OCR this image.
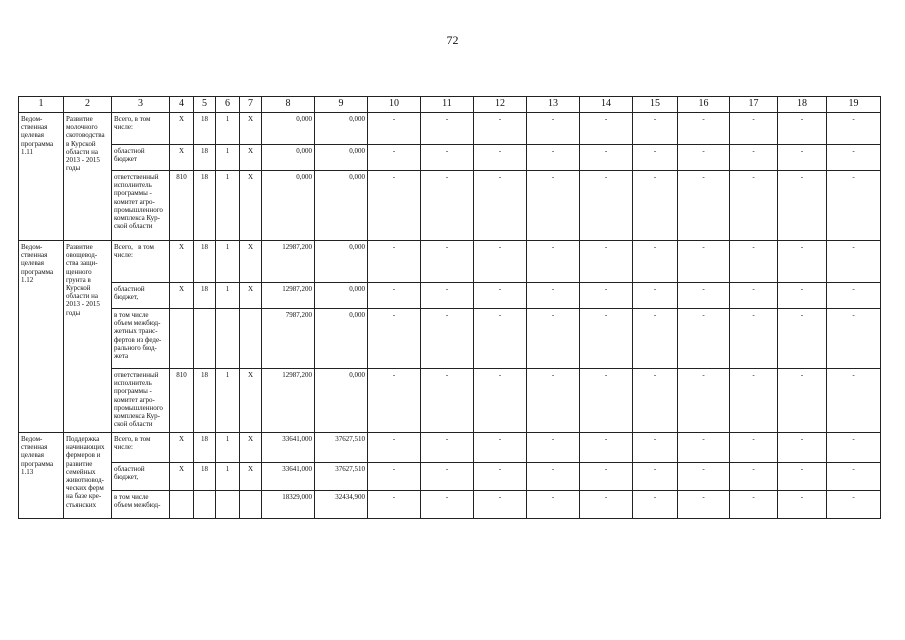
72
1	2	3	4	5	6	7	8	9	10	11	12	13	14	15	16	17	18	19
Ведом-ственная целевая программа 1.11	Развитие молочного скотоводства в Курской области на 2013 - 2015 годы	Всего, в том числе:	X	18	1	X	0,000	0,000	-	-	-	-	-	-	-	-	-	-
		областной бюджет	X	18	1	X	0,000	0,000	-	-	-	-	-	-	-	-	-	-
		ответственный исполнитель программы - комитет агро-промышленного комплекса Кур-ской области	810	18	1	X	0,000	0,000	-	-	-	-	-	-	-	-	-	-
Ведом-ственная целевая программа 1.12	Развитие овощевод-ства защи-щенного грунта в Курской области на 2013 - 2015 годы	Всего,   в том числе:	X	18	1	X	12987,200	0,000	-	-	-	-	-	-	-	-	-	-
		областной бюджет,	X	18	1	X	12987,200	0,000	-	-	-	-	-	-	-	-	-	-
		в том числе объем межбюд-жетных транс-фертов из феде-рального бюд-жета					7987,200	0,000	-	-	-	-	-	-	-	-	-	-
		ответственный исполнитель программы - комитет агро-промышленного комплекса Кур-ской области	810	18	1	X	12987,200	0,000	-	-	-	-	-	-	-	-	-	-
Ведом-ственная целевая программа 1.13	Поддержка начинающих фермеров и развитие семейных животновод-ческих ферм на базе кре-стьянских	Всего, в том числе:	X	18	1	X	33641,000	37627,510	-	-	-	-	-	-	-	-	-	-
		областной бюджет,	X	18	1	X	33641,000	37627,510	-	-	-	-	-	-	-	-	-	-
		в том числе объем межбюд-					18329,000	32434,900	-	-	-	-	-	-	-	-	-	-
